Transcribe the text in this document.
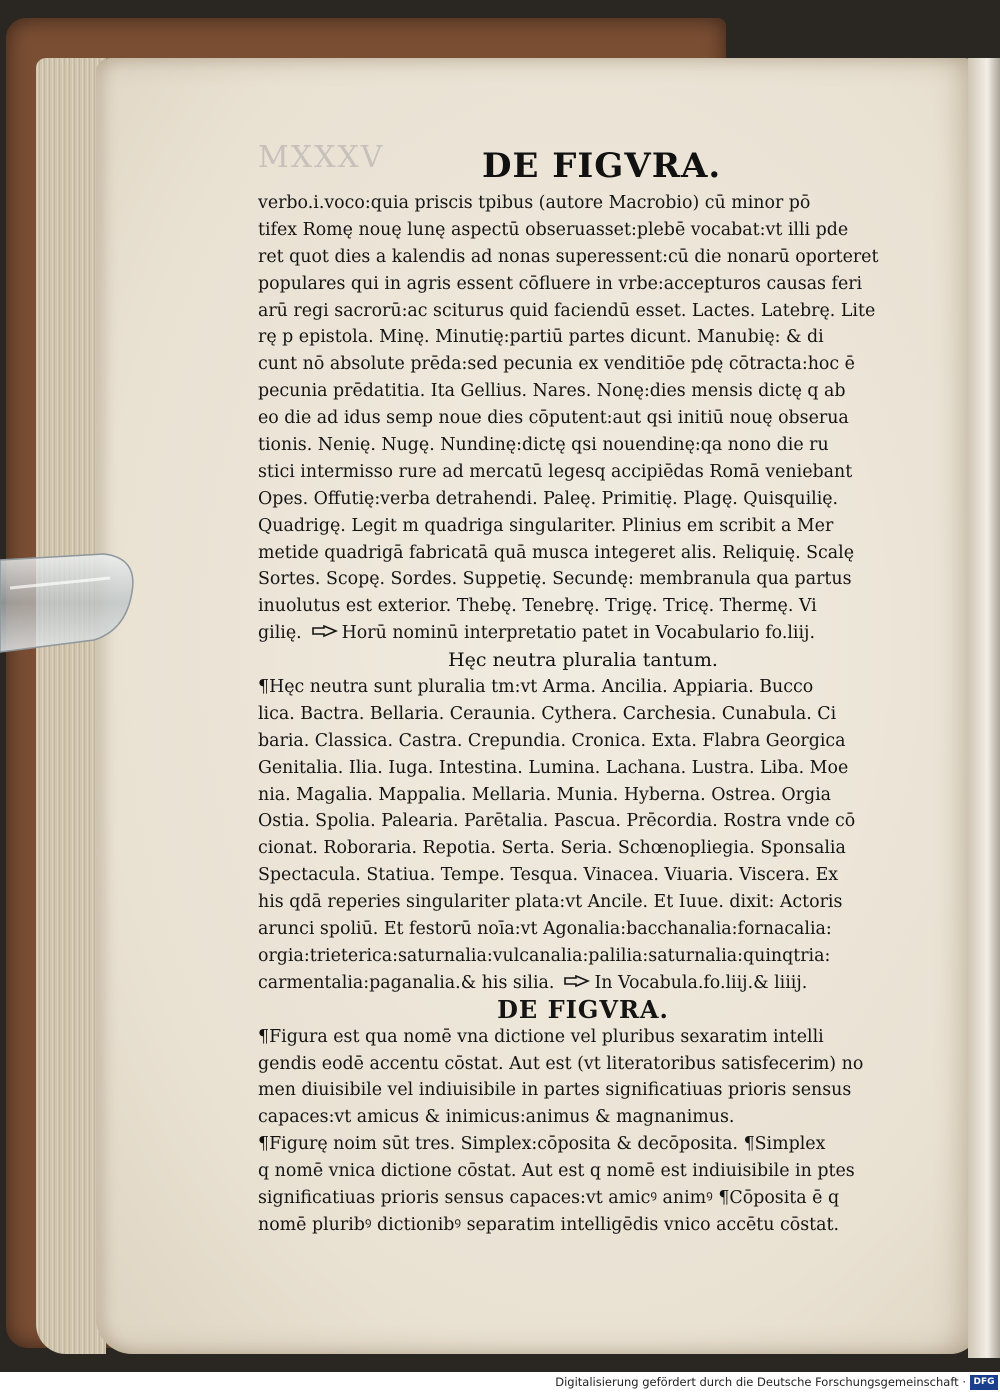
MXXXV	DE FIGVRA.
verbo.i.voco:quia priscis tpibus (autore Macrobio) cū minor pō
tifex Romę nouę lunę aspectū obseruasset:plebē vocabat:vt illi pde
ret quot dies a kalendis ad nonas superessent:cū die nonarū oporteret
populares qui in agris essent cōfluere in vrbe:accepturos causas feri
arū regi sacrorū:ac sciturus quid faciendū esset. Lactes. Latebrę. Lite
rę p epistola. Minę. Minutię:partiū partes dicunt. Manubię: & di
cunt nō absolute prēda:sed pecunia ex venditiōe pdę cōtracta:hoc ē
pecunia prēdatitia. Ita Gellius. Nares. Nonę:dies mensis dictę q ab
eo die ad idus semp noue dies cōputent:aut qsi initiū nouę obserua
tionis. Nenię. Nugę. Nundinę:dictę qsi nouendinę:qa nono die ru
stici intermisso rure ad mercatū legesq accipiēdas Romā veniebant
Opes. Offutię:verba detrahendi. Paleę. Primitię. Plagę. Quisquilię.
Quadrigę. Legit m quadriga singulariter. Plinius em scribit a Mer
metide quadrigā fabricatā quā musca integeret alis. Reliquię. Scalę
Sortes. Scopę. Sordes. Suppetię. Secundę: membranula qua partus
inuolutus est exterior. Thebę. Tenebrę. Trigę. Tricę. Thermę. Vi
gilię. Horū nominū interpretatio patet in Vocabulario fo.liij.
Hęc neutra pluralia tantum.
¶Hęc neutra sunt pluralia tm:vt Arma. Ancilia. Appiaria. Bucco
lica. Bactra. Bellaria. Ceraunia. Cythera. Carchesia. Cunabula. Ci
baria. Classica. Castra. Crepundia. Cronica. Exta. Flabra Georgica
Genitalia. Ilia. Iuga. Intestina. Lumina. Lachana. Lustra. Liba. Moe
nia. Magalia. Mappalia. Mellaria. Munia. Hyberna. Ostrea. Orgia
Ostia. Spolia. Palearia. Parētalia. Pascua. Prēcordia. Rostra vnde cō
cionat. Roboraria. Repotia. Serta. Seria. Schœnopliegia. Sponsalia
Spectacula. Statiua. Tempe. Tesqua. Vinacea. Viuaria. Viscera. Ex
his qdā reperies singulariter plata:vt Ancile. Et Iuue. dixit: Actoris
arunci spoliū. Et festorū noīa:vt Agonalia:bacchanalia:fornacalia:
orgia:trieterica:saturnalia:vulcanalia:palilia:saturnalia:quinqtria:
carmentalia:paganalia.& his silia. In Vocabula.fo.liij.& liiij.
DE FIGVRA.
¶Figura est qua nomē vna dictione vel pluribus sexaratim intelli
gendis eodē accentu cōstat. Aut est (vt literatoribus satisfecerim) no
men diuisibile vel indiuisibile in partes significatiuas prioris sensus
capaces:vt amicus & inimicus:animus & magnanimus.
¶Figurę noim sūt tres. Simplex:cōposita & decōposita. ¶Simplex
q nomē vnica dictione cōstat. Aut est q nomē est indiuisibile in ptes
significatiuas prioris sensus capaces:vt amicꝰ animꝰ ¶Cōposita ē q
nomē pluribꝰ dictionibꝰ separatim intelligēdis vnico accētu cōstat.
Digitalisierung gefördert durch die Deutsche Forschungsgemeinschaft · DFG
